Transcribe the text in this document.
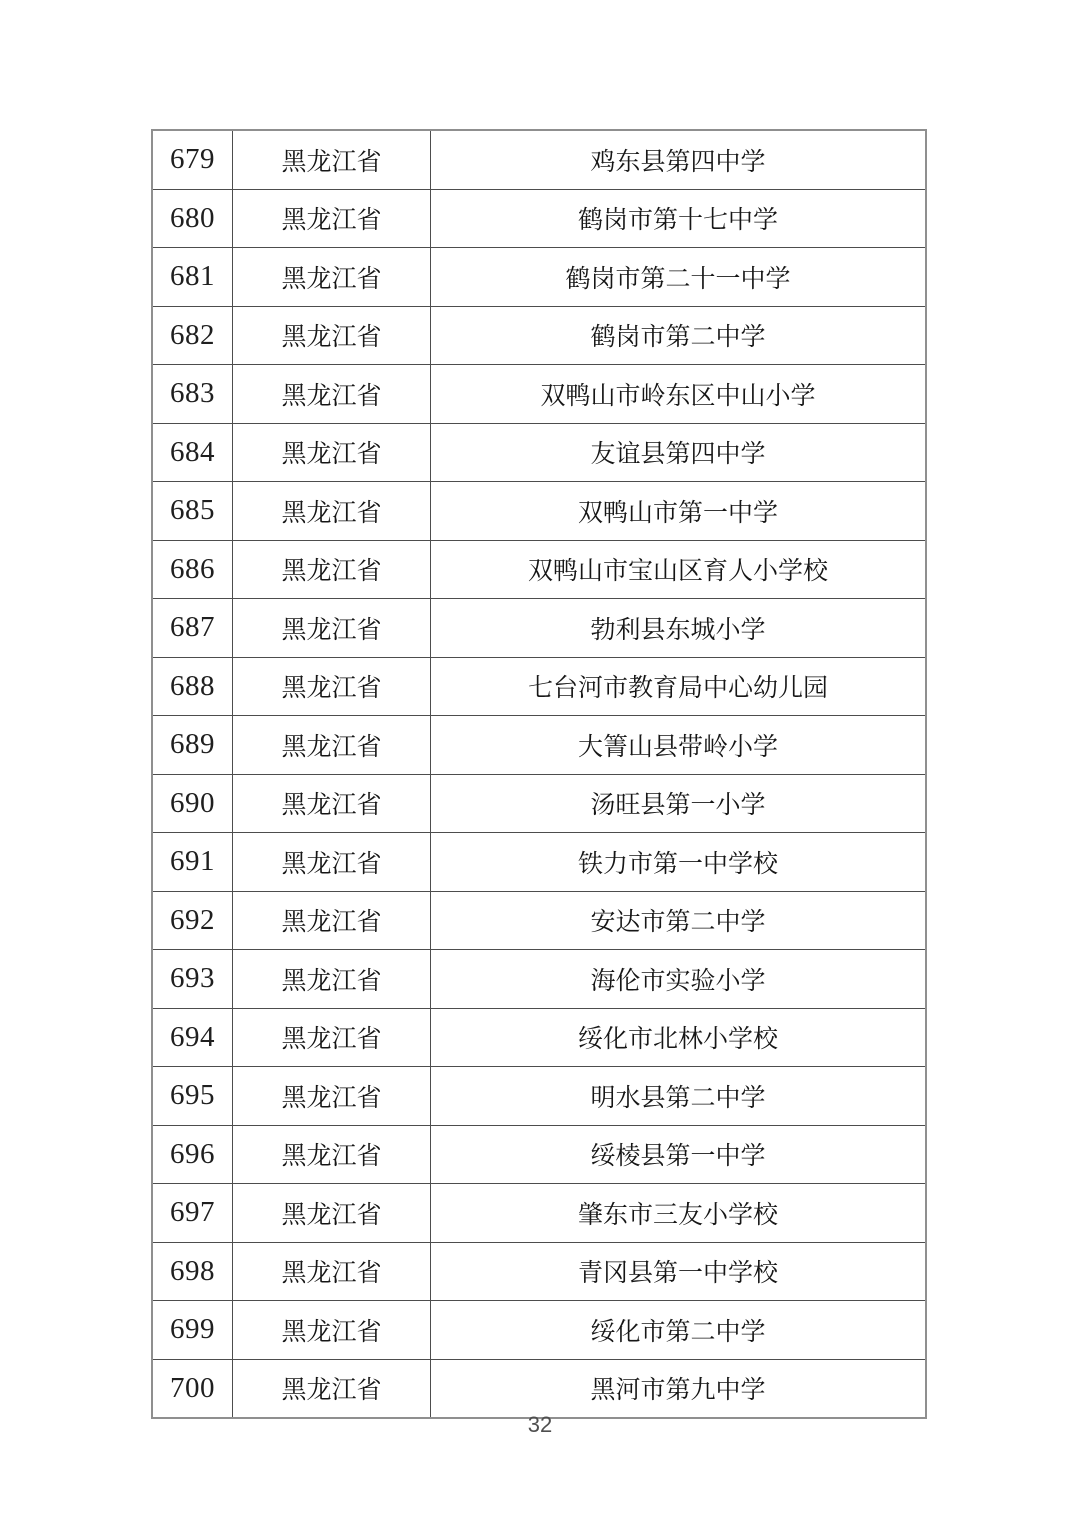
679	黑龙江省	鸡东县第四中学
680	黑龙江省	鹤岗市第十七中学
681	黑龙江省	鹤岗市第二十一中学
682	黑龙江省	鹤岗市第二中学
683	黑龙江省	双鸭山市岭东区中山小学
684	黑龙江省	友谊县第四中学
685	黑龙江省	双鸭山市第一中学
686	黑龙江省	双鸭山市宝山区育人小学校
687	黑龙江省	勃利县东城小学
688	黑龙江省	七台河市教育局中心幼儿园
689	黑龙江省	大箐山县带岭小学
690	黑龙江省	汤旺县第一小学
691	黑龙江省	铁力市第一中学校
692	黑龙江省	安达市第二中学
693	黑龙江省	海伦市实验小学
694	黑龙江省	绥化市北林小学校
695	黑龙江省	明水县第二中学
696	黑龙江省	绥棱县第一中学
697	黑龙江省	肇东市三友小学校
698	黑龙江省	青冈县第一中学校
699	黑龙江省	绥化市第二中学
700	黑龙江省	黑河市第九中学
32
